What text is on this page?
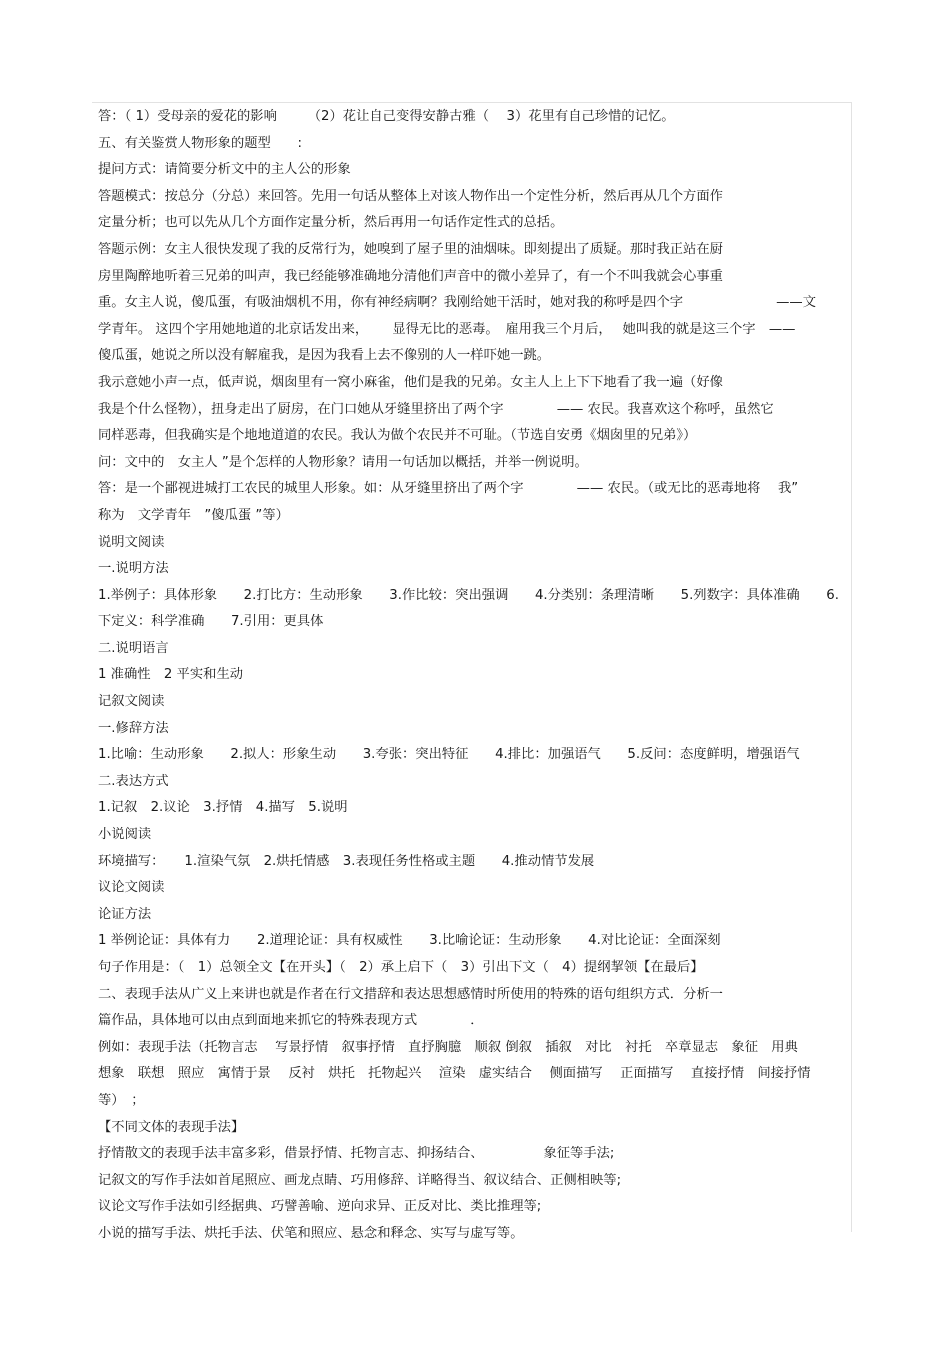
答：（ 1）受母亲的爱花的影响　　 （2）花让自己变得安静古雅（　 3）花里有自己珍惜的记忆。
五、有关鉴赏人物形象的题型　　:
提问方式：请简要分析文中的主人公的形象
答题模式：按总分（分总）来回答。先用一句话从整体上对该人物作出一个定性分析，然后再从几个方面作
定量分析；也可以先从几个方面作定量分析，然后再用一句话作定性式的总括。
答题示例：女主人很快发现了我的反常行为，她嗅到了屋子里的油烟味。即刻提出了质疑。那时我正站在厨
房里陶醉地听着三兄弟的叫声，我已经能够准确地分清他们声音中的微小差异了，有一个不叫我就会心事重
重。女主人说，傻瓜蛋，有吸油烟机不用，你有神经病啊？我刚给她干活时，她对我的称呼是四个字　　　　　　　——文
学青年。 这四个字用她地道的北京话发出来，　　 显得无比的恶毒。　雇用我三个月后，　 她叫我的就是这三个字　——
傻瓜蛋，她说之所以没有解雇我，是因为我看上去不像别的人一样吓她一跳。
我示意她小声一点，低声说，烟囱里有一窝小麻雀，他们是我的兄弟。女主人上上下下地看了我一遍（好像
我是个什么怪物），扭身走出了厨房，在门口她从牙缝里挤出了两个字　　　　—— 农民。我喜欢这个称呼，虽然它
同样恶毒，但我确实是个地地道道的农民。我认为做个农民并不可耻。（节选自安勇《烟囱里的兄弟》）
问：文中的　女主人 ”是个怎样的人物形象？请用一句话加以概括，并举一例说明。
答：是一个鄙视进城打工农民的城里人形象。如：从牙缝里挤出了两个字　　　　—— 农民。（或无比的恶毒地将　 我”
称为　文学青年　”傻瓜蛋 ”等）
说明文阅读
一.说明方法
1.举例子：具体形象　　2.打比方：生动形象　　3.作比较：突出强调　　4.分类别：条理清晰　　5.列数字：具体准确　　6.
下定义：科学准确　　7.引用：更具体
二.说明语言
1 准确性　2 平实和生动
记叙文阅读
一.修辞方法
1.比喻：生动形象　　2.拟人：形象生动　　3.夸张：突出特征　　4.排比：加强语气　　5.反问：态度鲜明，增强语气
二.表达方式
1.记叙　2.议论　3.抒情　4.描写　5.说明
小说阅读
环境描写：　　1.渲染气氛　2.烘托情感　3.表现任务性格或主题　　4.推动情节发展
议论文阅读
论证方法
1 举例论证：具体有力　　2.道理论证：具有权威性　　3.比喻论证：生动形象　　4.对比论证：全面深刻
句子作用是：（　1）总领全文【在开头】（　2）承上启下（　3）引出下文（　4）提纲挈领【在最后】
二、表现手法从广义上来讲也就是作者在行文措辞和表达思想感情时所使用的特殊的语句组织方式．分析一
篇作品，具体地可以由点到面地来抓它的特殊表现方式　　　　．
例如：表现手法（托物言志　 写景抒情　叙事抒情　直抒胸臆　顺叙 倒叙　插叙　对比　衬托　卒章显志　象征　用典
想象　联想　照应　寓情于景　 反衬　烘托　托物起兴　 渲染　虚实结合　 侧面描写　 正面描写　 直接抒情　间接抒情
等）　；
【不同文体的表现手法】
抒情散文的表现手法丰富多彩，借景抒情、托物言志、抑扬结合、　　　　　象征等手法;
记叙文的写作手法如首尾照应、画龙点睛、巧用修辞、详略得当、叙议结合、正侧相映等;
议论文写作手法如引经据典、巧譬善喻、逆向求异、正反对比、类比推理等;
小说的描写手法、烘托手法、伏笔和照应、悬念和释念、实写与虚写等。
